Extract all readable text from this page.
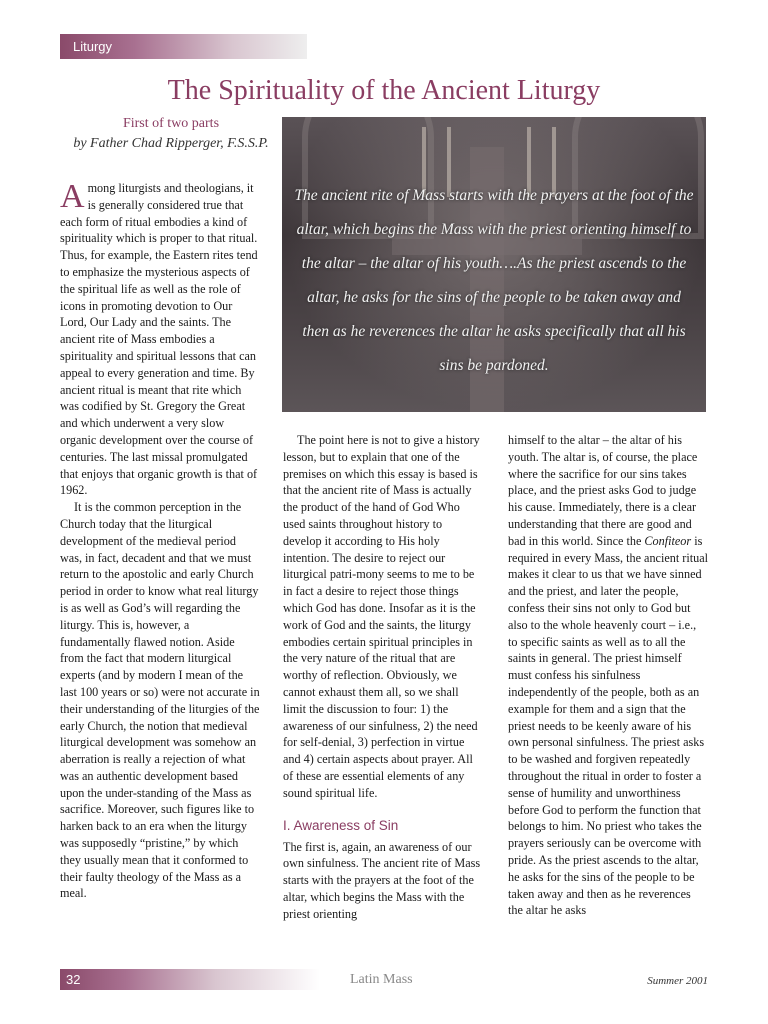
Liturgy
The Spirituality of the Ancient Liturgy
First of two parts
by Father Chad Ripperger, F.S.S.P.
The ancient rite of Mass starts with the prayers at the foot of the altar, which begins the Mass with the priest orienting himself to the altar – the altar of his youth….As the priest ascends to the altar, he asks for the sins of the people to be taken away and then as he reverences the altar he asks specifically that all his sins be pardoned.

Among liturgists and theologians, it is generally considered true that each form of ritual embodies a kind of spirituality which is proper to that ritual. Thus, for example, the Eastern rites tend to emphasize the mysterious aspects of the spiritual life as well as the role of icons in promoting devotion to Our Lord, Our Lady and the saints. The ancient rite of Mass embodies a spirituality and spiritual lessons that can appeal to every generation and time. By ancient ritual is meant that rite which was codified by St. Gregory the Great and which underwent a very slow organic development over the course of centuries. The last missal promulgated that enjoys that organic growth is that of 1962.

It is the common perception in the Church today that the liturgical development of the medieval period was, in fact, decadent and that we must return to the apostolic and early Church period in order to know what real liturgy is as well as God’s will regarding the liturgy. This is, however, a fundamentally flawed notion. Aside from the fact that modern liturgical experts (and by modern I mean of the last 100 years or so) were not accurate in their understanding of the liturgies of the early Church, the notion that medieval liturgical development was somehow an aberration is really a rejection of what was an authentic development based upon the under-standing of the Mass as sacrifice. Moreover, such figures like to harken back to an era when the liturgy was supposedly “pristine,” by which they usually mean that it conformed to their faulty theology of the Mass as a meal.

The point here is not to give a history lesson, but to explain that one of the premises on which this essay is based is that the ancient rite of Mass is actually the product of the hand of God Who used saints throughout history to develop it according to His holy intention. The desire to reject our liturgical patri-mony seems to me to be in fact a desire to reject those things which God has done. Insofar as it is the work of God and the saints, the liturgy embodies certain spiritual principles in the very nature of the ritual that are worthy of reflection. Obviously, we cannot exhaust them all, so we shall limit the discussion to four: 1) the awareness of our sinfulness, 2) the need for self-denial, 3) perfection in virtue and 4) certain aspects about prayer. All of these are essential elements of any sound spiritual life.

I. Awareness of Sin

The first is, again, an awareness of our own sinfulness. The ancient rite of Mass starts with the prayers at the foot of the altar, which begins the Mass with the priest orienting

himself to the altar – the altar of his youth. The altar is, of course, the place where the sacrifice for our sins takes place, and the priest asks God to judge his cause. Immediately, there is a clear understanding that there are good and bad in this world. Since the Confiteor is required in every Mass, the ancient ritual makes it clear to us that we have sinned and the priest, and later the people, confess their sins not only to God but also to the whole heavenly court – i.e., to specific saints as well as to all the saints in general. The priest himself must confess his sinfulness independently of the people, both as an example for them and a sign that the priest needs to be keenly aware of his own personal sinfulness. The priest asks to be washed and forgiven repeatedly throughout the ritual in order to foster a sense of humility and unworthiness before God to perform the function that belongs to him. No priest who takes the prayers seriously can be overcome with pride. As the priest ascends to the altar, he asks for the sins of the people to be taken away and then as he reverences the altar he asks

32	Latin Mass	Summer 2001
